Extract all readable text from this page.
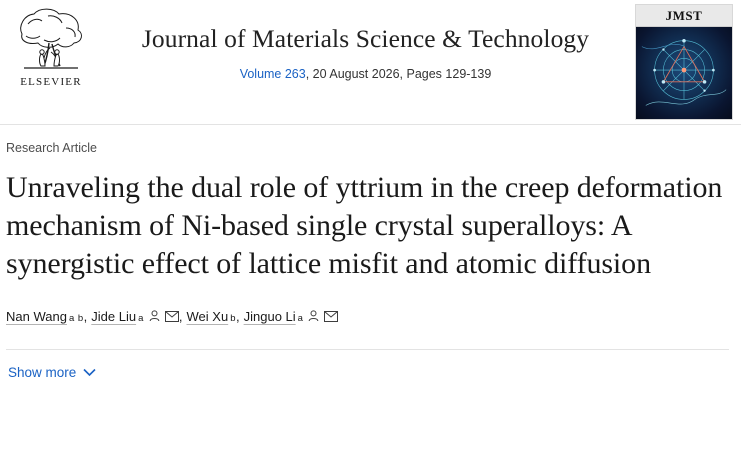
ELSEVIER
Journal of Materials Science & Technology
Volume 263, 20 August 2026, Pages 129-139
JMST
Research Article
Unraveling the dual role of yttrium in the creep deformation mechanism of Ni-based single crystal superalloys: A synergistic effect of lattice misfit and atomic diffusion
Nan Wang a b , Jide Liu a	, Wei Xu b , Jinguo Li a
Show more
